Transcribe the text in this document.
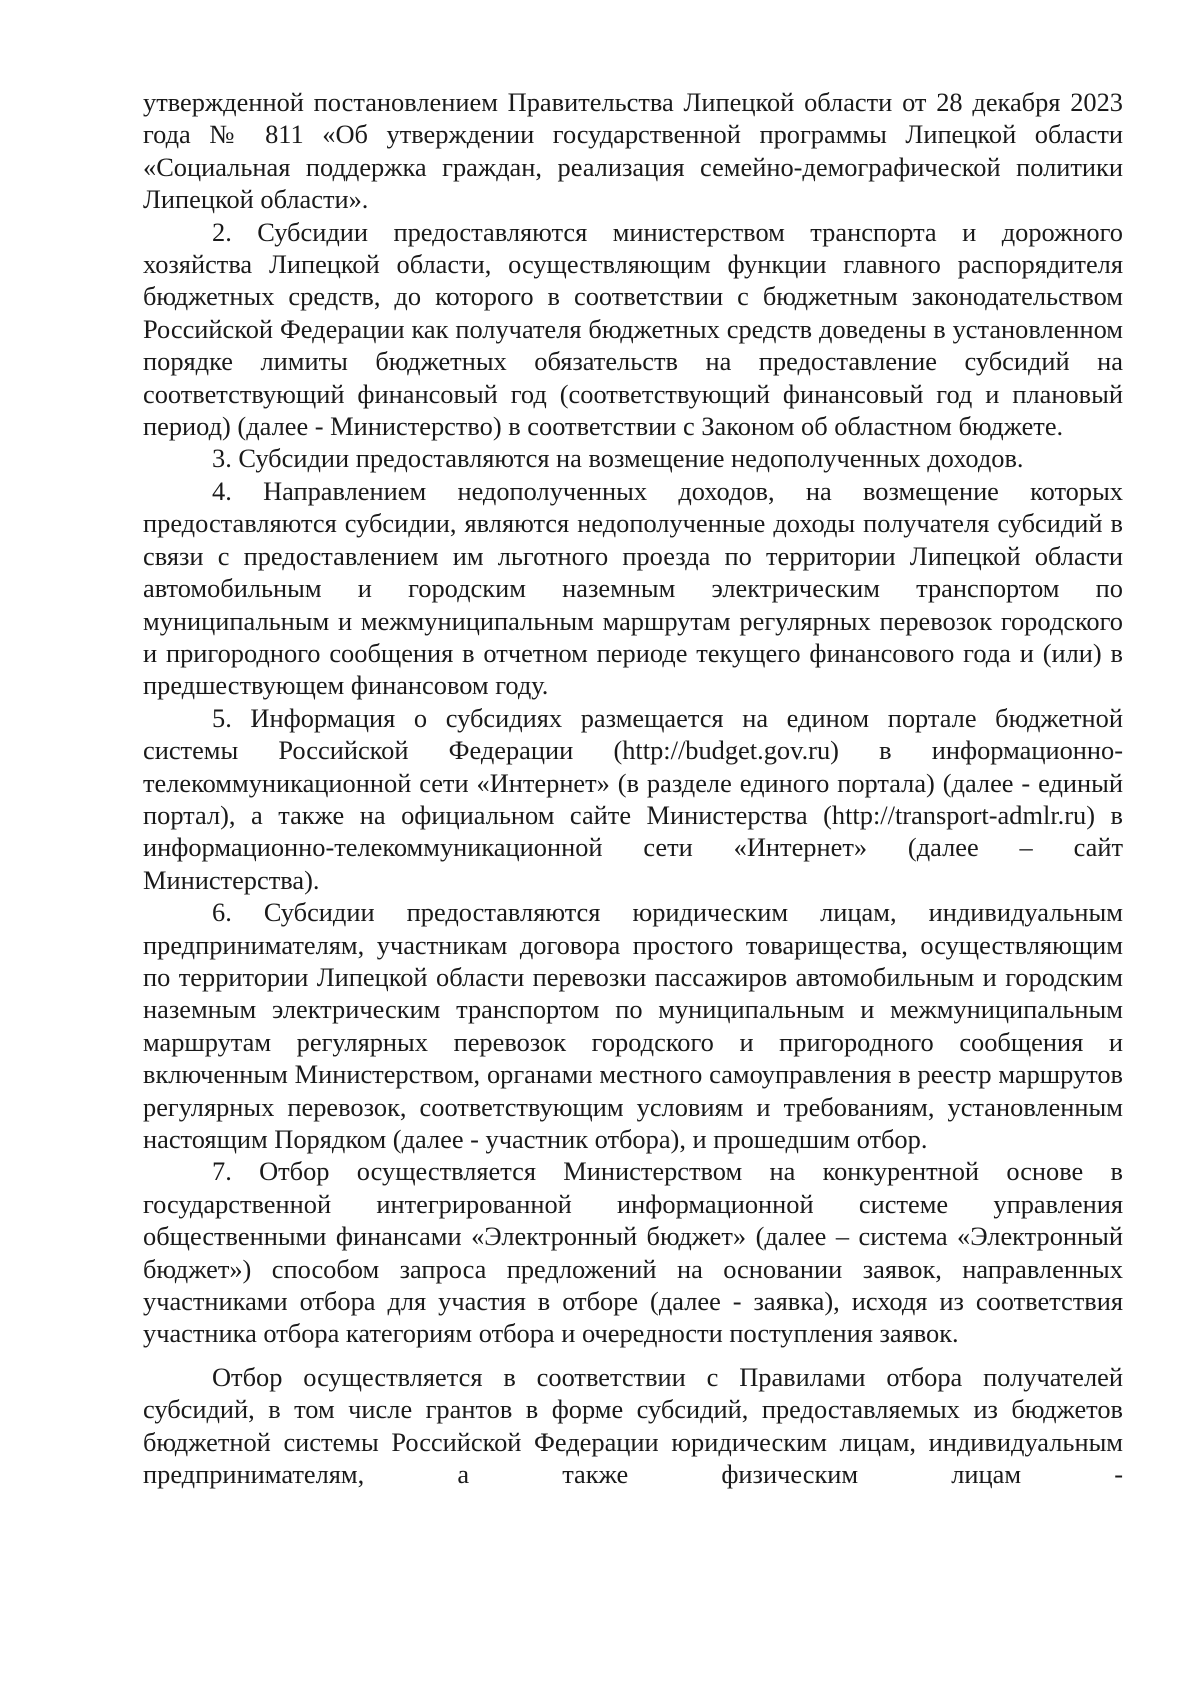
утвержденной постановлением Правительства Липецкой области от 28 декабря 2023 года № 811 «Об утверждении государственной программы Липецкой области «Социальная поддержка граждан, реализация семейно-демографической политики Липецкой области».

2. Субсидии предоставляются министерством транспорта и дорожного хозяйства Липецкой области, осуществляющим функции главного распорядителя бюджетных средств, до которого в соответствии с бюджетным законодательством Российской Федерации как получателя бюджетных средств доведены в установленном порядке лимиты бюджетных обязательств на предоставление субсидий на соответствующий финансовый год (соответствующий финансовый год и плановый период) (далее - Министерство) в соответствии с Законом об областном бюджете.

3. Субсидии предоставляются на возмещение недополученных доходов.

4. Направлением недополученных доходов, на возмещение которых предоставляются субсидии, являются недополученные доходы получателя субсидий в связи с предоставлением им льготного проезда по территории Липецкой области автомобильным и городским наземным электрическим транспортом по муниципальным и межмуниципальным маршрутам регулярных перевозок городского и пригородного сообщения в отчетном периоде текущего финансового года и (или) в предшествующем финансовом году.

5. Информация о субсидиях размещается на едином портале бюджетной системы Российской Федерации (http://budget.gov.ru) в информационно-телекоммуникационной сети «Интернет» (в разделе единого портала) (далее - единый портал), а также на официальном сайте Министерства (http://transport-admlr.ru) в информационно-телекоммуникационной сети «Интернет» (далее – сайт Министерства).

6. Субсидии предоставляются юридическим лицам, индивидуальным предпринимателям, участникам договора простого товарищества, осуществляющим по территории Липецкой области перевозки пассажиров автомобильным и городским наземным электрическим транспортом по муниципальным и межмуниципальным маршрутам регулярных перевозок городского и пригородного сообщения и включенным Министерством, органами местного самоуправления в реестр маршрутов регулярных перевозок, соответствующим условиям и требованиям, установленным настоящим Порядком (далее - участник отбора), и прошедшим отбор.

7. Отбор осуществляется Министерством на конкурентной основе в государственной интегрированной информационной системе управления общественными финансами «Электронный бюджет» (далее – система «Электронный бюджет») способом запроса предложений на основании заявок, направленных участниками отбора для участия в отборе (далее - заявка), исходя из соответствия участника отбора категориям отбора и очередности поступления заявок.

Отбор осуществляется в соответствии с Правилами отбора получателей субсидий, в том числе грантов в форме субсидий, предоставляемых из бюджетов бюджетной системы Российской Федерации юридическим лицам, индивидуальным предпринимателям, а также физическим лицам -
